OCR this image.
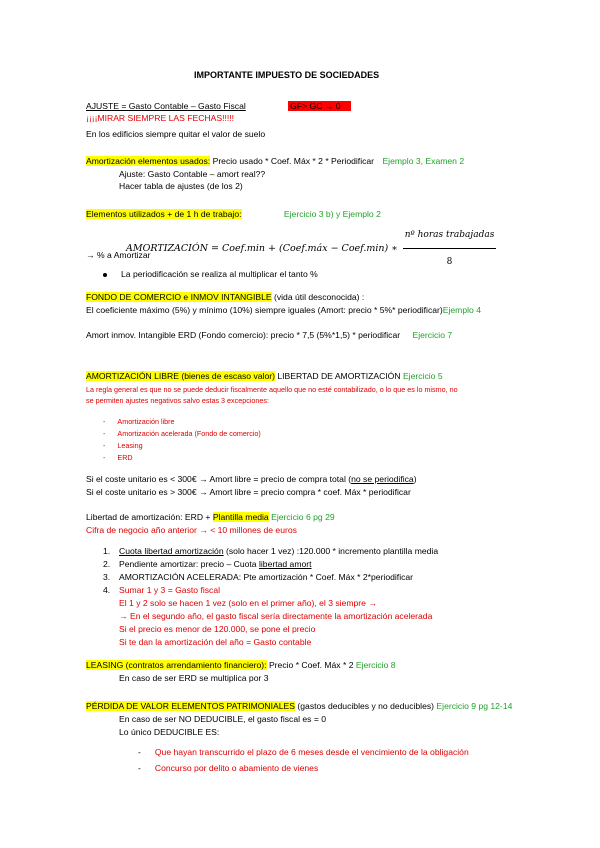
IMPORTANTE IMPUESTO DE SOCIEDADES
AJUSTE = Gasto Contable – Gasto Fiscal	GF> GC → 0
¡¡¡¡MIRAR SIEMPRE LAS FECHAS!!!!!
En los edificios siempre quitar el valor de suelo
Amortización elementos usados: Precio usado * Coef. Máx * 2 * Periodificar Ejemplo 3, Examen 2
Ajuste: Gasto Contable – amort real??
Hacer tabla de ajustes (de los 2)
Elementos utilizados + de 1 h de trabajo:	Ejercicio 3 b) y Ejemplo 2
AMORTIZACIÓN = Coef.min + (Coef.máx − Coef.min) ∗ $\frac{\text{nº horas trabajadas}}{8}$
→ % a Amortizar
La periodificación se realiza al multiplicar el tanto %
FONDO DE COMERCIO e INMOV INTANGIBLE (vida útil desconocida) :
El coeficiente máximo (5%) y mínimo (10%) siempre iguales (Amort: precio * 5%* periodificar)Ejemplo 4
Amort inmov. Intangible ERD (Fondo comercio): precio * 7,5 (5%*1,5) * periodificar Ejercicio 7
AMORTIZACIÓN LIBRE (bienes de escaso valor) LIBERTAD DE AMORTIZACIÓN Ejercicio 5
La regla general es que no se puede deducir fiscalmente aquello que no esté contabilizado, o lo que es lo mismo, no
se permiten ajustes negativos salvo estas 3 excepciones:
- Amortización libre
- Amortización acelerada (Fondo de comercio)
- Leasing
- ERD
Si el coste unitario es < 300€ → Amort libre = precio de compra total (no se periodifica)
Si el coste unitario es > 300€ → Amort libre = precio compra * coef. Máx * periodificar
Libertad de amortización: ERD + Plantilla media Ejercicio 6 pg 29
Cifra de negocio año anterior → < 10 millones de euros
1. Cuota libertad amortización (solo hacer 1 vez) :120.000 * incremento plantilla media
2. Pendiente amortizar: precio – Cuota libertad amort
3. AMORTIZACIÓN ACELERADA: Pte amortización * Coef. Máx * 2*periodificar
4. Sumar 1 y 3 = Gasto fiscal
El 1 y 2 solo se hacen 1 vez (solo en el primer año), el 3 siempre →
→ En el segundo año, el gasto fiscal sería directamente la amortización acelerada
Si el precio es menor de 120.000, se pone el precio
Si te dan la amortización del año = Gasto contable
LEASING (contratos arrendamiento financiero): Precio * Coef. Máx * 2 Ejercicio 8
En caso de ser ERD se multiplica por 3
PÉRDIDA DE VALOR ELEMENTOS PATRIMONIALES (gastos deducibles y no deducibles) Ejercicio 9 pg 12-14
En caso de ser NO DEDUCIBLE, el gasto fiscal es = 0
Lo único DEDUCIBLE ES:
- Que hayan transcurrido el plazo de 6 meses desde el vencimiento de la obligación
- Concurso por delito o abamiento de vienes
